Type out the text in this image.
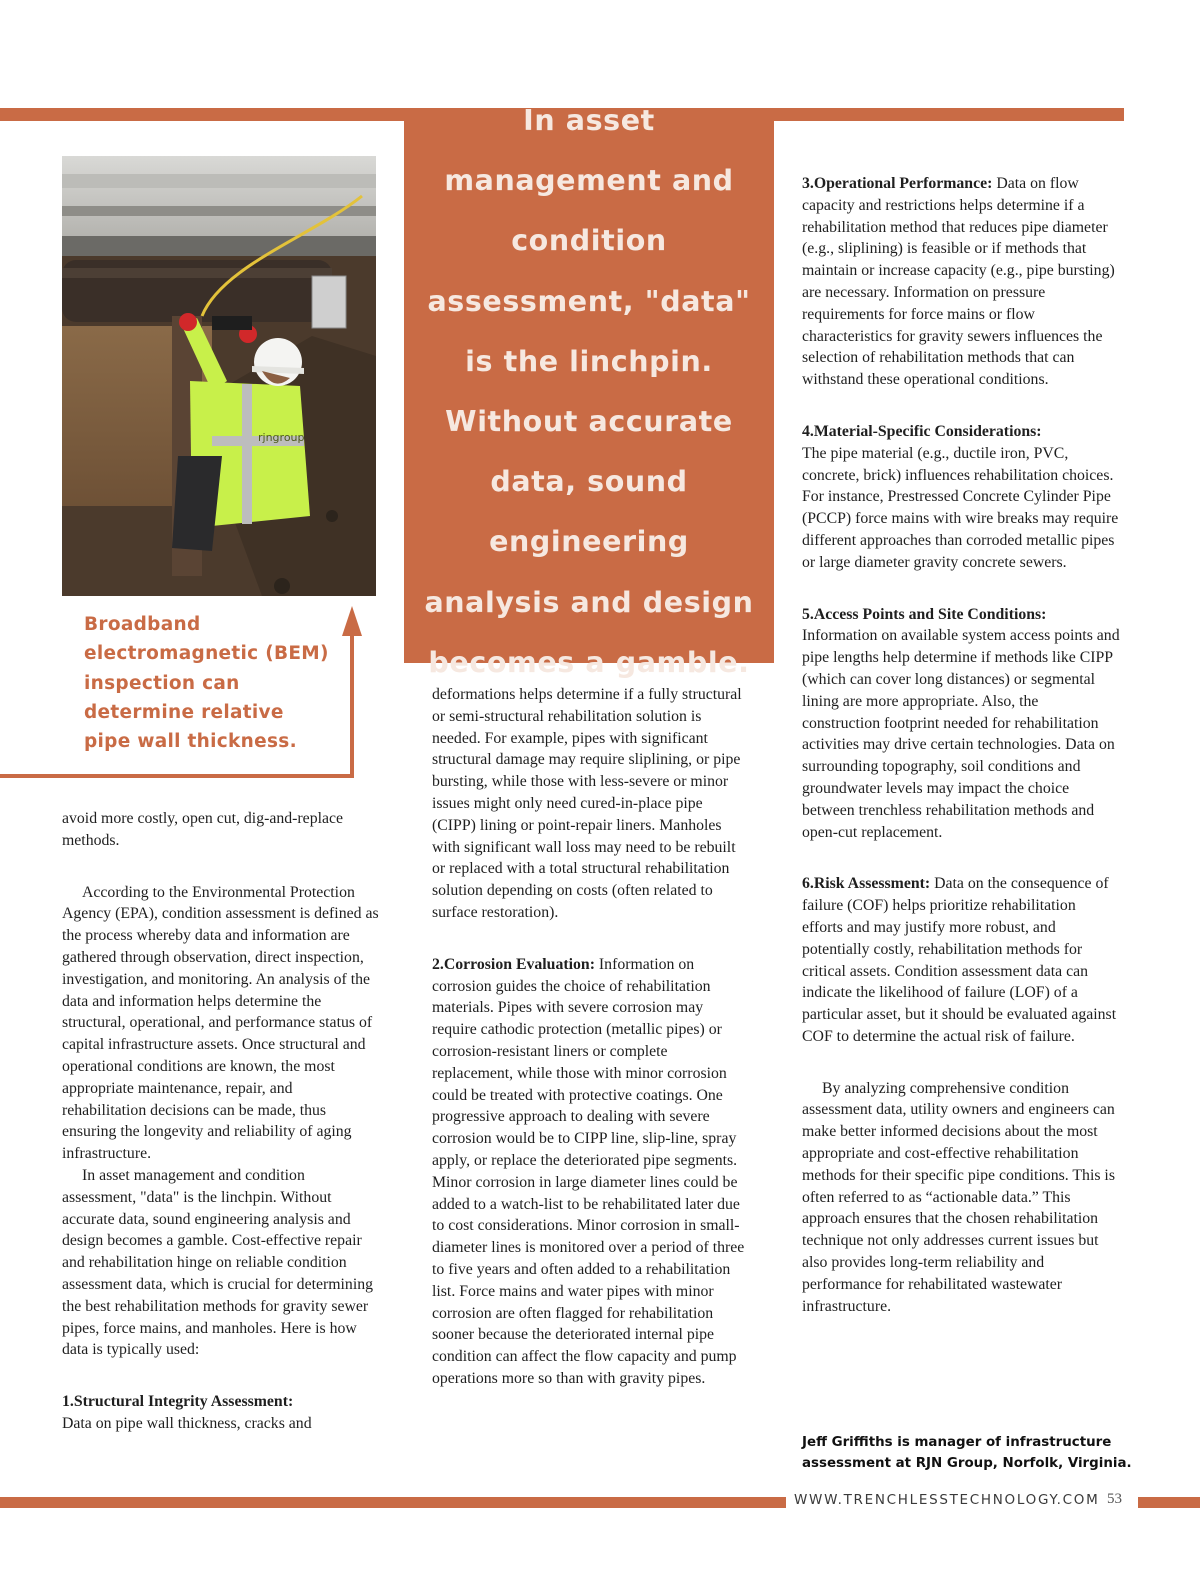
In asset management and condition assessment, "data" is the linchpin. Without accurate data, sound engineering analysis and design becomes a gamble.

rjngroup

Broadband electromagnetic (BEM) inspection can determine relative pipe wall thickness.

avoid more costly, open cut, dig-and-replace methods.

According to the Environmental Protection Agency (EPA), condition assessment is defined as the process whereby data and information are gathered through observation, direct inspection, investigation, and monitoring. An analysis of the data and information helps determine the structural, operational, and performance status of capital infrastructure assets. Once structural and operational conditions are known, the most appropriate maintenance, repair, and rehabilitation decisions can be made, thus ensuring the longevity and reliability of aging infrastructure.

In asset management and condition assessment, "data" is the linchpin. Without accurate data, sound engineering analysis and design becomes a gamble. Cost-effective repair and rehabilitation hinge on reliable condition assessment data, which is crucial for determining the best rehabilitation methods for gravity sewer pipes, force mains, and manholes. Here is how data is typically used:

1.Structural Integrity Assessment:
Data on pipe wall thickness, cracks and

deformations helps determine if a fully structural or semi-structural rehabilitation solution is needed. For example, pipes with significant structural damage may require sliplining, or pipe bursting, while those with less-severe or minor issues might only need cured-in-place pipe (CIPP) lining or point-repair liners. Manholes with significant wall loss may need to be rebuilt or replaced with a total structural rehabilitation solution depending on costs (often related to surface restoration).

2.Corrosion Evaluation: Information on corrosion guides the choice of rehabilitation materials. Pipes with severe corrosion may require cathodic protection (metallic pipes) or corrosion-resistant liners or complete replacement, while those with minor corrosion could be treated with protective coatings. One progressive approach to dealing with severe corrosion would be to CIPP line, slip-line, spray apply, or replace the deteriorated pipe segments. Minor corrosion in large diameter lines could be added to a watch-list to be rehabilitated later due to cost considerations. Minor corrosion in small-diameter lines is monitored over a period of three to five years and often added to a rehabilitation list. Force mains and water pipes with minor corrosion are often flagged for rehabilitation sooner because the deteriorated internal pipe condition can affect the flow capacity and pump operations more so than with gravity pipes.

3.Operational Performance: Data on flow capacity and restrictions helps determine if a rehabilitation method that reduces pipe diameter (e.g., sliplining) is feasible or if methods that maintain or increase capacity (e.g., pipe bursting) are necessary. Information on pressure requirements for force mains or flow characteristics for gravity sewers influences the selection of rehabilitation methods that can withstand these operational conditions.

4.Material-Specific Considerations:
The pipe material (e.g., ductile iron, PVC, concrete, brick) influences rehabilitation choices. For instance, Prestressed Concrete Cylinder Pipe (PCCP) force mains with wire breaks may require different approaches than corroded metallic pipes or large diameter gravity concrete sewers.

5.Access Points and Site Conditions:
Information on available system access points and pipe lengths help determine if methods like CIPP (which can cover long distances) or segmental lining are more appropriate. Also, the construction footprint needed for rehabilitation activities may drive certain technologies. Data on surrounding topography, soil conditions and groundwater levels may impact the choice between trenchless rehabilitation methods and open-cut replacement.

6.Risk Assessment: Data on the consequence of failure (COF) helps prioritize rehabilitation efforts and may justify more robust, and potentially costly, rehabilitation methods for critical assets. Condition assessment data can indicate the likelihood of failure (LOF) of a particular asset, but it should be evaluated against COF to determine the actual risk of failure.

By analyzing comprehensive condition assessment data, utility owners and engineers can make better informed decisions about the most appropriate and cost-effective rehabilitation methods for their specific pipe conditions. This is often referred to as “actionable data.” This approach ensures that the chosen rehabilitation technique not only addresses current issues but also provides long-term reliability and performance for rehabilitated wastewater infrastructure.

Jeff Griffiths is manager of infrastructure assessment at RJN Group, Norfolk, Virginia.

WWW.TRENCHLESSTECHNOLOGY.COM 53
